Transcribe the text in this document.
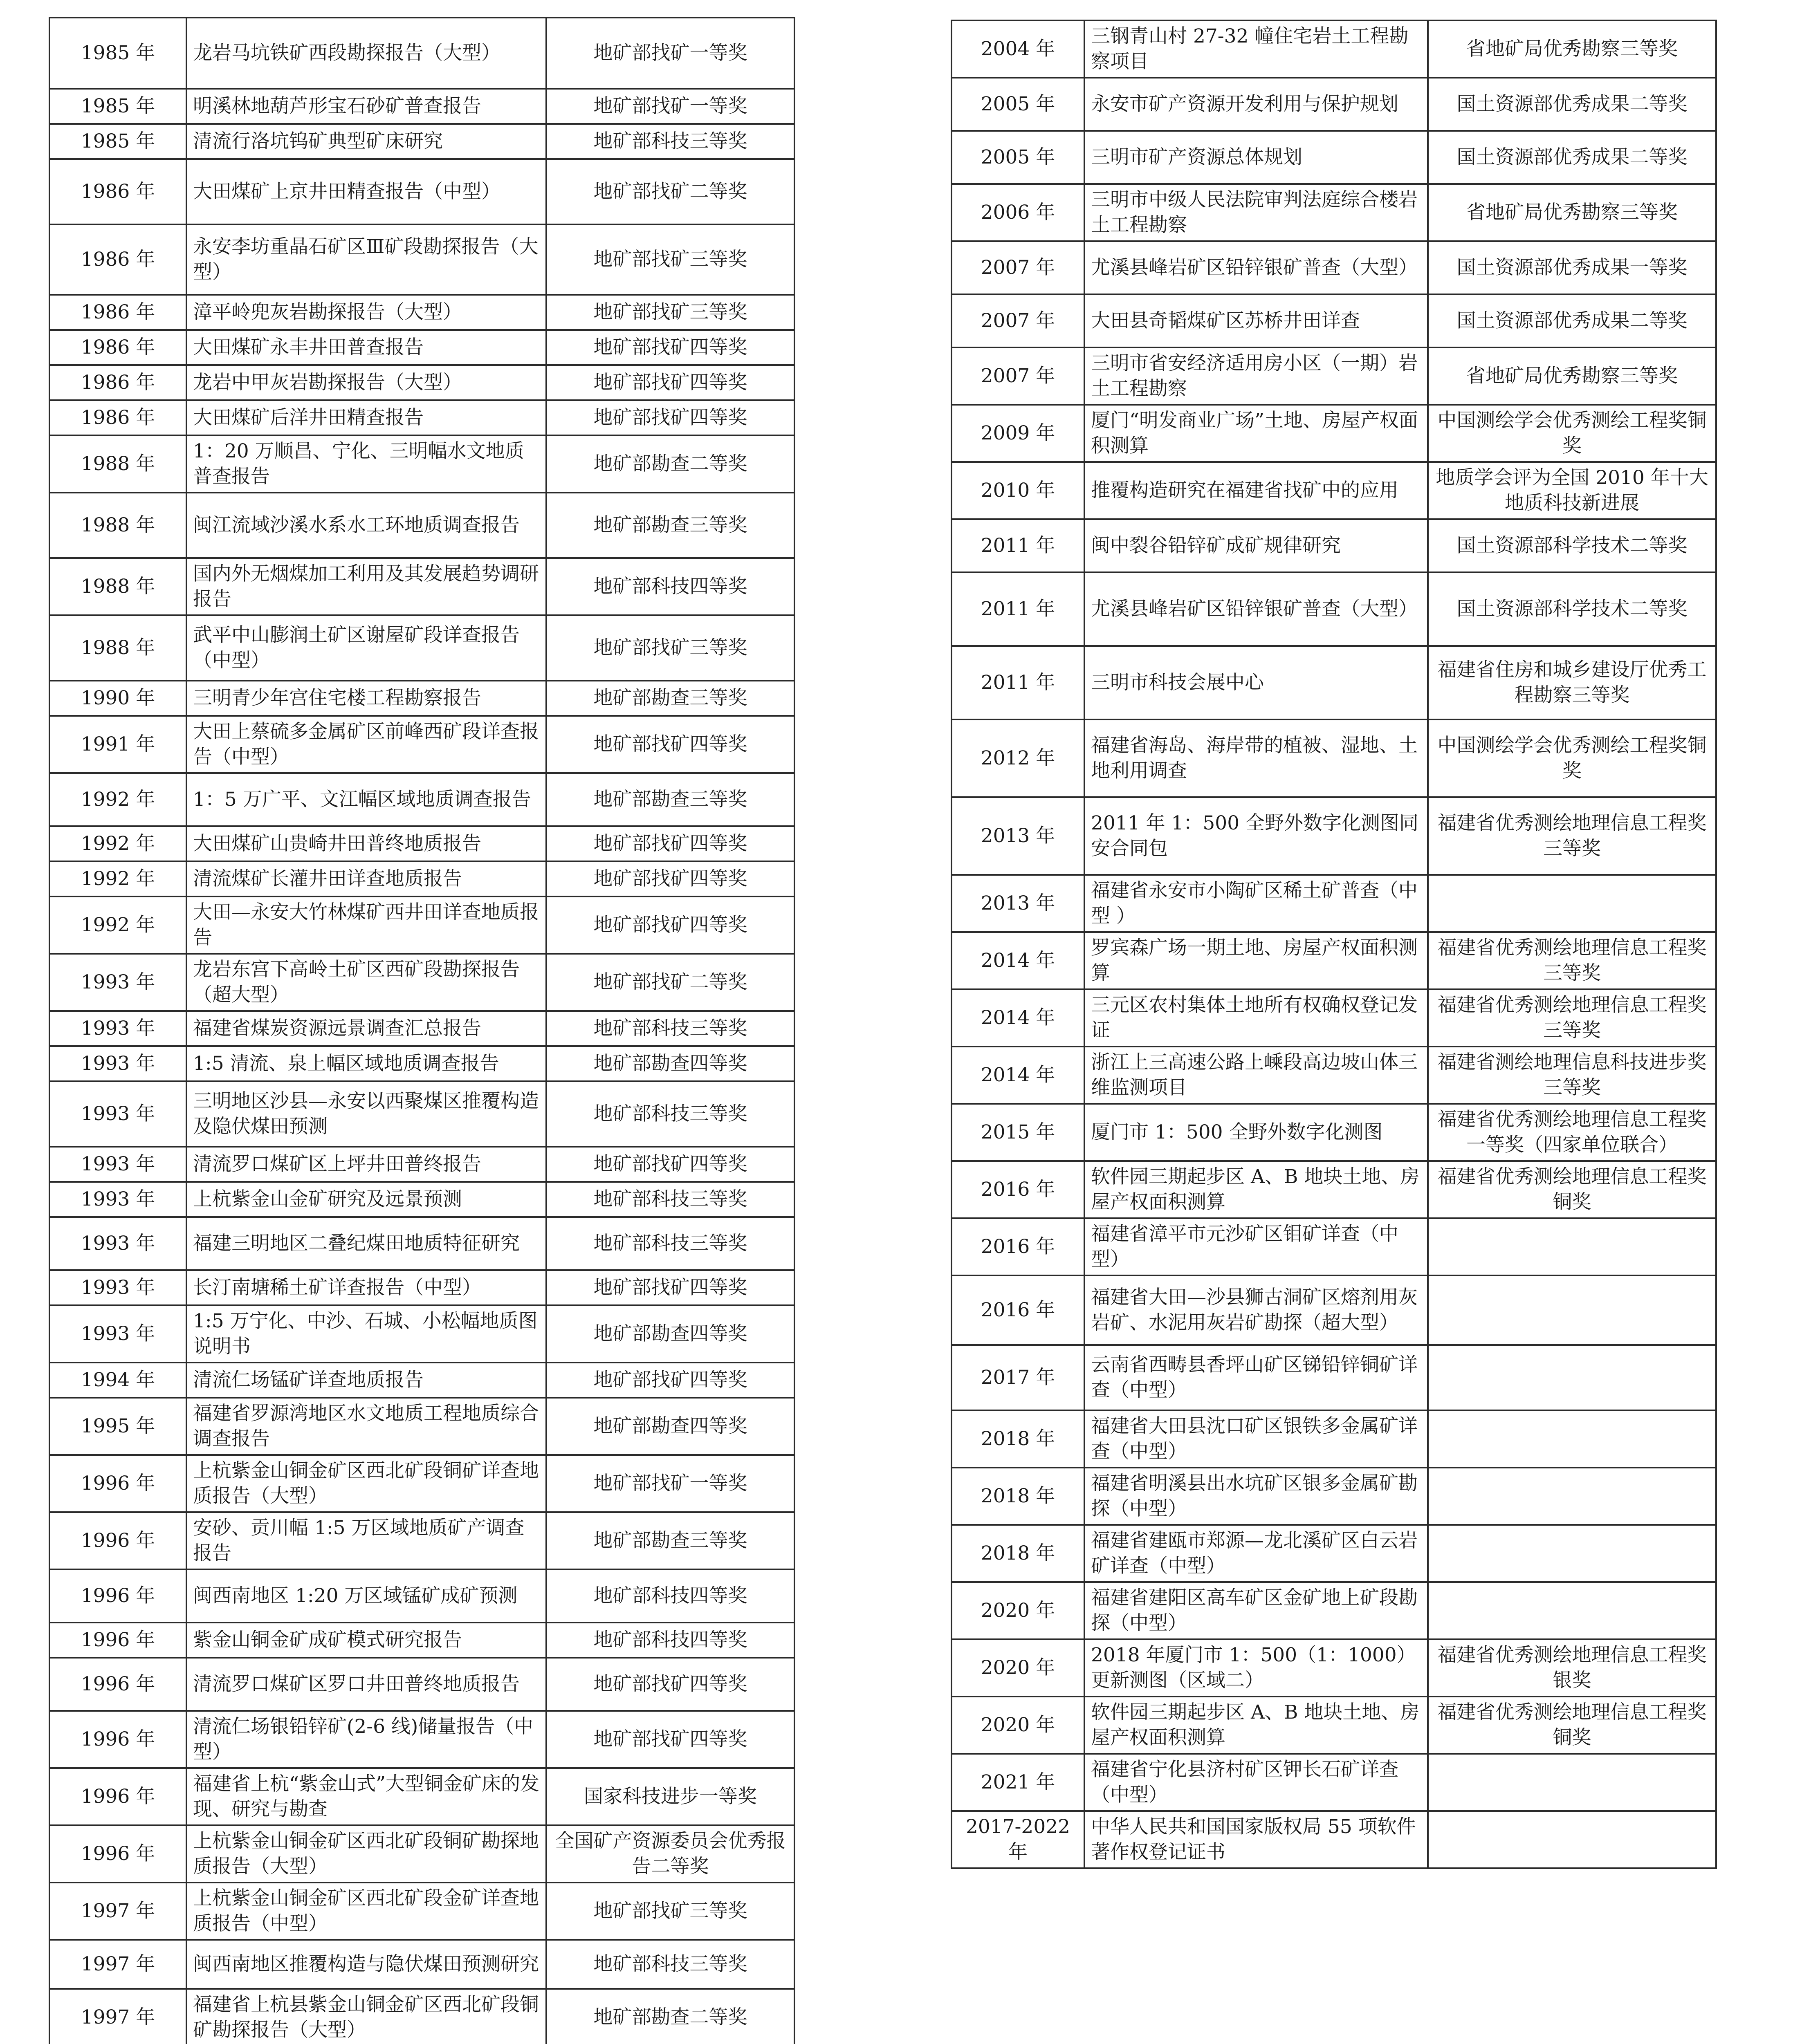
1985 年	龙岩马坑铁矿西段勘探报告（大型）	地矿部找矿一等奖
1985 年	明溪林地葫芦形宝石砂矿普查报告	地矿部找矿一等奖
1985 年	清流行洛坑钨矿典型矿床研究	地矿部科技三等奖
1986 年	大田煤矿上京井田精查报告（中型）	地矿部找矿二等奖
1986 年	永安李坊重晶石矿区Ⅲ矿段勘探报告（大型）	地矿部找矿三等奖
1986 年	漳平岭兜灰岩勘探报告（大型）	地矿部找矿三等奖
1986 年	大田煤矿永丰井田普查报告	地矿部找矿四等奖
1986 年	龙岩中甲灰岩勘探报告（大型）	地矿部找矿四等奖
1986 年	大田煤矿后洋井田精查报告	地矿部找矿四等奖
1988 年	1：20 万顺昌、宁化、三明幅水文地质普查报告	地矿部勘查二等奖
1988 年	闽江流域沙溪水系水工环地质调查报告	地矿部勘查三等奖
1988 年	国内外无烟煤加工利用及其发展趋势调研报告	地矿部科技四等奖
1988 年	武平中山膨润土矿区谢屋矿段详查报告（中型）	地矿部找矿三等奖
1990 年	三明青少年宫住宅楼工程勘察报告	地矿部勘查三等奖
1991 年	大田上蔡硫多金属矿区前峰西矿段详查报告（中型）	地矿部找矿四等奖
1992 年	1：5 万广平、文江幅区域地质调查报告	地矿部勘查三等奖
1992 年	大田煤矿山贵崎井田普终地质报告	地矿部找矿四等奖
1992 年	清流煤矿长灌井田详查地质报告	地矿部找矿四等奖
1992 年	大田—永安大竹林煤矿西井田详查地质报告	地矿部找矿四等奖
1993 年	龙岩东宫下高岭土矿区西矿段勘探报告（超大型）	地矿部找矿二等奖
1993 年	福建省煤炭资源远景调查汇总报告	地矿部科技三等奖
1993 年	1:5 清流、泉上幅区域地质调查报告	地矿部勘查四等奖
1993 年	三明地区沙县—永安以西聚煤区推覆构造及隐伏煤田预测	地矿部科技三等奖
1993 年	清流罗口煤矿区上坪井田普终报告	地矿部找矿四等奖
1993 年	上杭紫金山金矿研究及远景预测	地矿部科技三等奖
1993 年	福建三明地区二叠纪煤田地质特征研究	地矿部科技三等奖
1993 年	长汀南塘稀土矿详查报告（中型）	地矿部找矿四等奖
1993 年	1:5 万宁化、中沙、石城、小松幅地质图说明书	地矿部勘查四等奖
1994 年	清流仁场锰矿详查地质报告	地矿部找矿四等奖
1995 年	福建省罗源湾地区水文地质工程地质综合调查报告	地矿部勘查四等奖
1996 年	上杭紫金山铜金矿区西北矿段铜矿详查地质报告（大型）	地矿部找矿一等奖
1996 年	安砂、贡川幅 1:5 万区域地质矿产调查报告	地矿部勘查三等奖
1996 年	闽西南地区 1:20 万区域锰矿成矿预测	地矿部科技四等奖
1996 年	紫金山铜金矿成矿模式研究报告	地矿部科技四等奖
1996 年	清流罗口煤矿区罗口井田普终地质报告	地矿部找矿四等奖
1996 年	清流仁场银铅锌矿(2-6 线)储量报告（中型）	地矿部找矿四等奖
1996 年	福建省上杭“紫金山式”大型铜金矿床的发现、研究与勘查	国家科技进步一等奖
1996 年	上杭紫金山铜金矿区西北矿段铜矿勘探地质报告（大型）	全国矿产资源委员会优秀报告二等奖
1997 年	上杭紫金山铜金矿区西北矿段金矿详查地质报告（中型）	地矿部找矿三等奖
1997 年	闽西南地区推覆构造与隐伏煤田预测研究	地矿部科技三等奖
1997 年	福建省上杭县紫金山铜金矿区西北矿段铜矿勘探报告（大型）	地矿部勘查二等奖

2004 年	三钢青山村 27-32 幢住宅岩土工程勘察项目	省地矿局优秀勘察三等奖
2005 年	永安市矿产资源开发利用与保护规划	国土资源部优秀成果二等奖
2005 年	三明市矿产资源总体规划	国土资源部优秀成果二等奖
2006 年	三明市中级人民法院审判法庭综合楼岩土工程勘察	省地矿局优秀勘察三等奖
2007 年	尤溪县峰岩矿区铅锌银矿普查（大型）	国土资源部优秀成果一等奖
2007 年	大田县奇韬煤矿区苏桥井田详查	国土资源部优秀成果二等奖
2007 年	三明市省安经济适用房小区（一期）岩土工程勘察	省地矿局优秀勘察三等奖
2009 年	厦门“明发商业广场”土地、房屋产权面积测算	中国测绘学会优秀测绘工程奖铜奖
2010 年	推覆构造研究在福建省找矿中的应用	地质学会评为全国 2010 年十大地质科技新进展
2011 年	闽中裂谷铅锌矿成矿规律研究	国土资源部科学技术二等奖
2011 年	尤溪县峰岩矿区铅锌银矿普查（大型）	国土资源部科学技术二等奖
2011 年	三明市科技会展中心	福建省住房和城乡建设厅优秀工程勘察三等奖
2012 年	福建省海岛、海岸带的植被、湿地、土地利用调查	中国测绘学会优秀测绘工程奖铜奖
2013 年	2011 年 1：500 全野外数字化测图同安合同包	福建省优秀测绘地理信息工程奖三等奖
2013 年	福建省永安市小陶矿区稀土矿普查（中型 ）	
2014 年	罗宾森广场一期土地、房屋产权面积测算	福建省优秀测绘地理信息工程奖三等奖
2014 年	三元区农村集体土地所有权确权登记发证	福建省优秀测绘地理信息工程奖三等奖
2014 年	浙江上三高速公路上嵊段高边坡山体三维监测项目	福建省测绘地理信息科技进步奖三等奖
2015 年	厦门市 1：500 全野外数字化测图	福建省优秀测绘地理信息工程奖一等奖（四家单位联合）
2016 年	软件园三期起步区 A、B 地块土地、房屋产权面积测算	福建省优秀测绘地理信息工程奖铜奖
2016 年	福建省漳平市元沙矿区钼矿详查（中型）	
2016 年	福建省大田—沙县狮古洞矿区熔剂用灰岩矿、水泥用灰岩矿勘探（超大型）	
2017 年	云南省西畴县香坪山矿区锑铅锌铜矿详查（中型）	
2018 年	福建省大田县沈口矿区银铁多金属矿详查（中型）	
2018 年	福建省明溪县出水坑矿区银多金属矿勘探（中型）	
2018 年	福建省建瓯市郑源—龙北溪矿区白云岩矿详查（中型）	
2020 年	福建省建阳区高车矿区金矿地上矿段勘探（中型）	
2020 年	2018 年厦门市 1：500（1：1000）更新测图（区域二）	福建省优秀测绘地理信息工程奖银奖
2020 年	软件园三期起步区 A、B 地块土地、房屋产权面积测算	福建省优秀测绘地理信息工程奖铜奖
2021 年	福建省宁化县济村矿区钾长石矿详查（中型）	
2017-2022 年	中华人民共和国国家版权局 55 项软件著作权登记证书	
